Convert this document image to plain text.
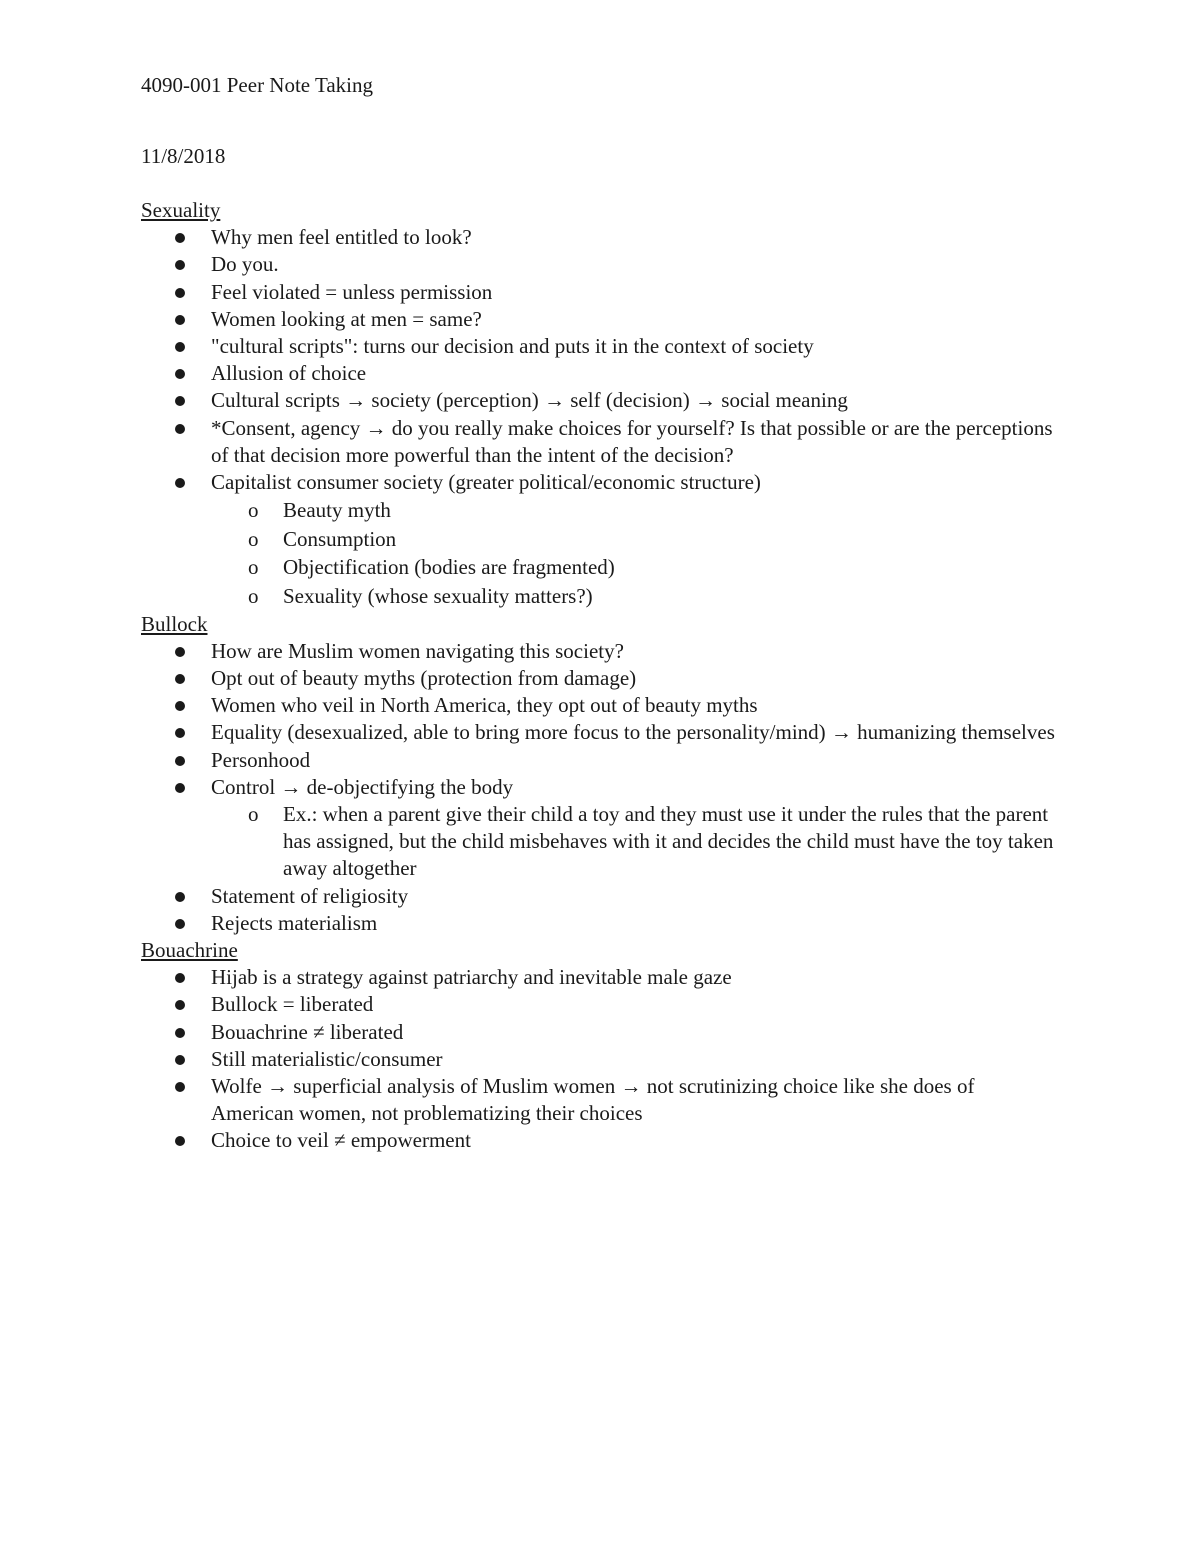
4090-001 Peer Note Taking

11/8/2018

Sexuality

Why men feel entitled to look?
Do you.
Feel violated = unless permission
Women looking at men = same?
"cultural scripts": turns our decision and puts it in the context of society
Allusion of choice
Cultural scripts → society (perception) → self (decision) → social meaning
*Consent, agency → do you really make choices for yourself? Is that possible or are the perceptions of that decision more powerful than the intent of the decision?
Capitalist consumer society (greater political/economic structure)
o Beauty myth
o Consumption
o Objectification (bodies are fragmented)
o Sexuality (whose sexuality matters?)

Bullock

How are Muslim women navigating this society?
Opt out of beauty myths (protection from damage)
Women who veil in North America, they opt out of beauty myths
Equality (desexualized, able to bring more focus to the personality/mind) → humanizing themselves
Personhood
Control → de-objectifying the body
o Ex.: when a parent give their child a toy and they must use it under the rules that the parent has assigned, but the child misbehaves with it and decides the child must have the toy taken away altogether
Statement of religiosity
Rejects materialism

Bouachrine

Hijab is a strategy against patriarchy and inevitable male gaze
Bullock = liberated
Bouachrine ≠ liberated
Still materialistic/consumer
Wolfe → superficial analysis of Muslim women → not scrutinizing choice like she does of American women, not problematizing their choices
Choice to veil ≠ empowerment
